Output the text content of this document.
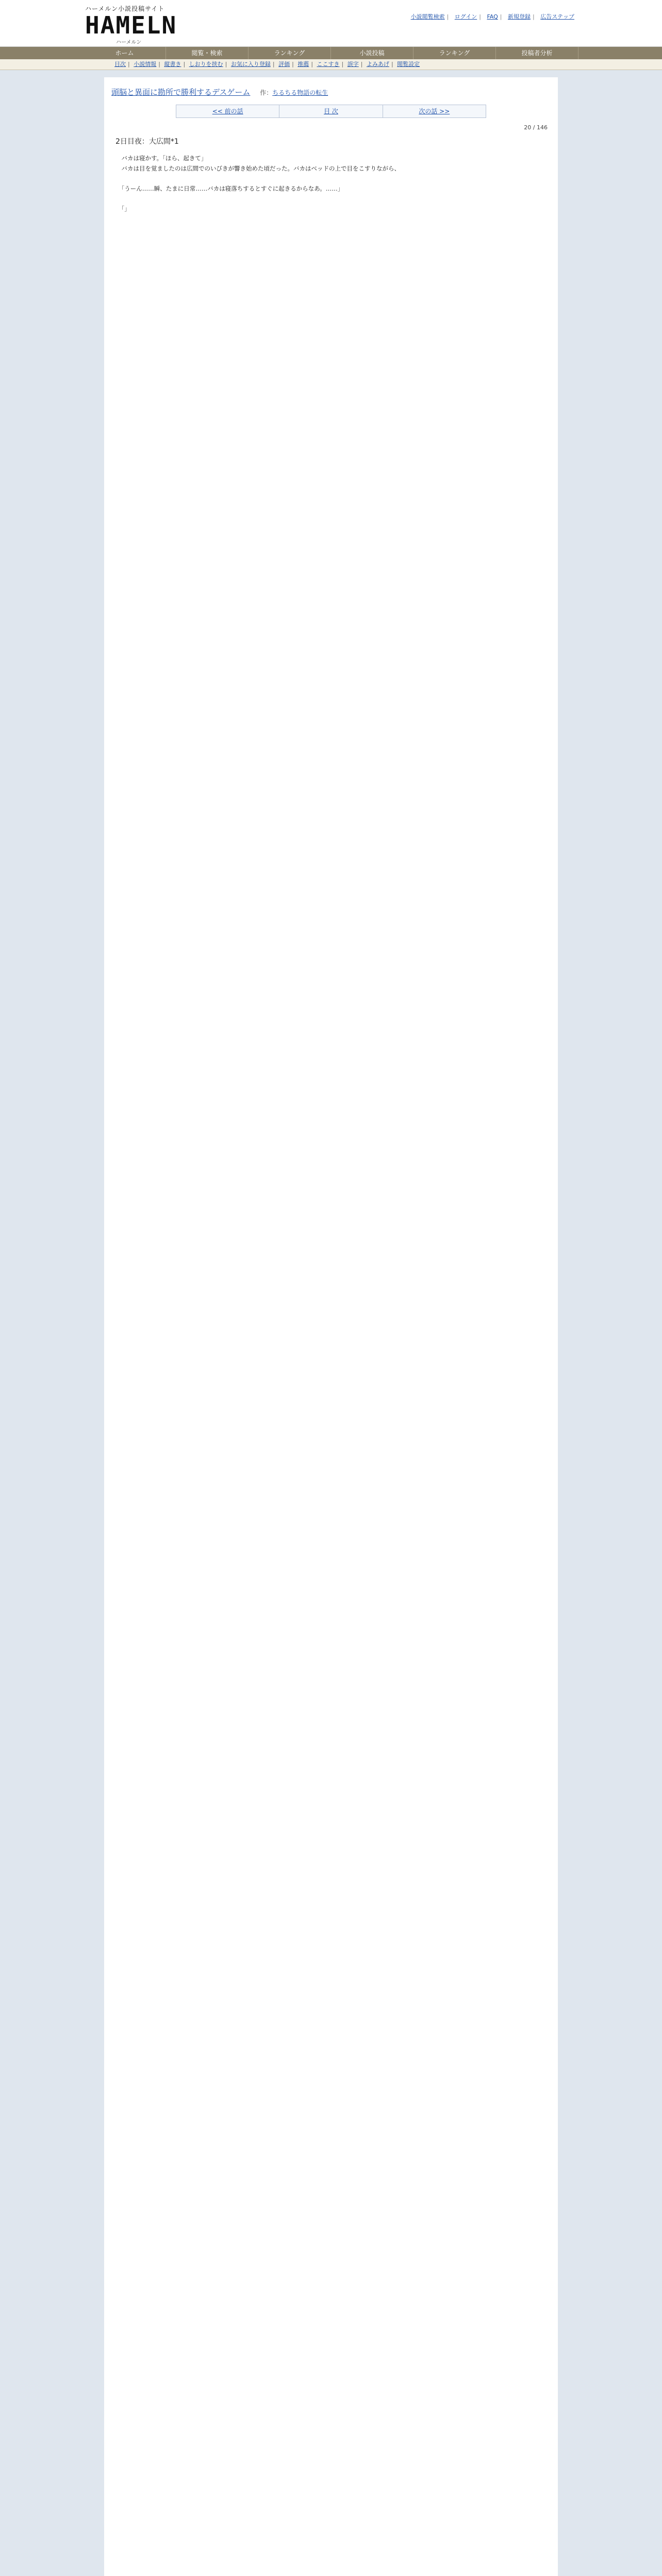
ハーメルン小説投稿サイト
HAMELN
ハーメルン
小説閲覧検索 | ログイン | FAQ | 新規登録 | 広告ステップ
ホーム	閲覧・検索	ランキング	小説投稿	ランキング	投稿者分析
目次 | 小説情報 | 縦書き | しおりを挟む | お気に入り登録 | 評価 | 推薦 | ここすき | 誤字 | よみあげ | 閲覧設定
頭脳と異面に勘所で勝利するデスゲーム 作：ちるちる物語の転生
<< 前の話	目 次	次の話 >>
20 / 146
2日目夜：大広間*1

　バカは寝かす。「ほら、起きて」

　バカは目を覚ましたのは広間でのいびきが響き始めた頃だった。バカはベッドの上で目をこすりながら、

　「うーん……瞬、たまに日常……バカは寝落ちするとすぐに起きるからなあ。……」

　「」
